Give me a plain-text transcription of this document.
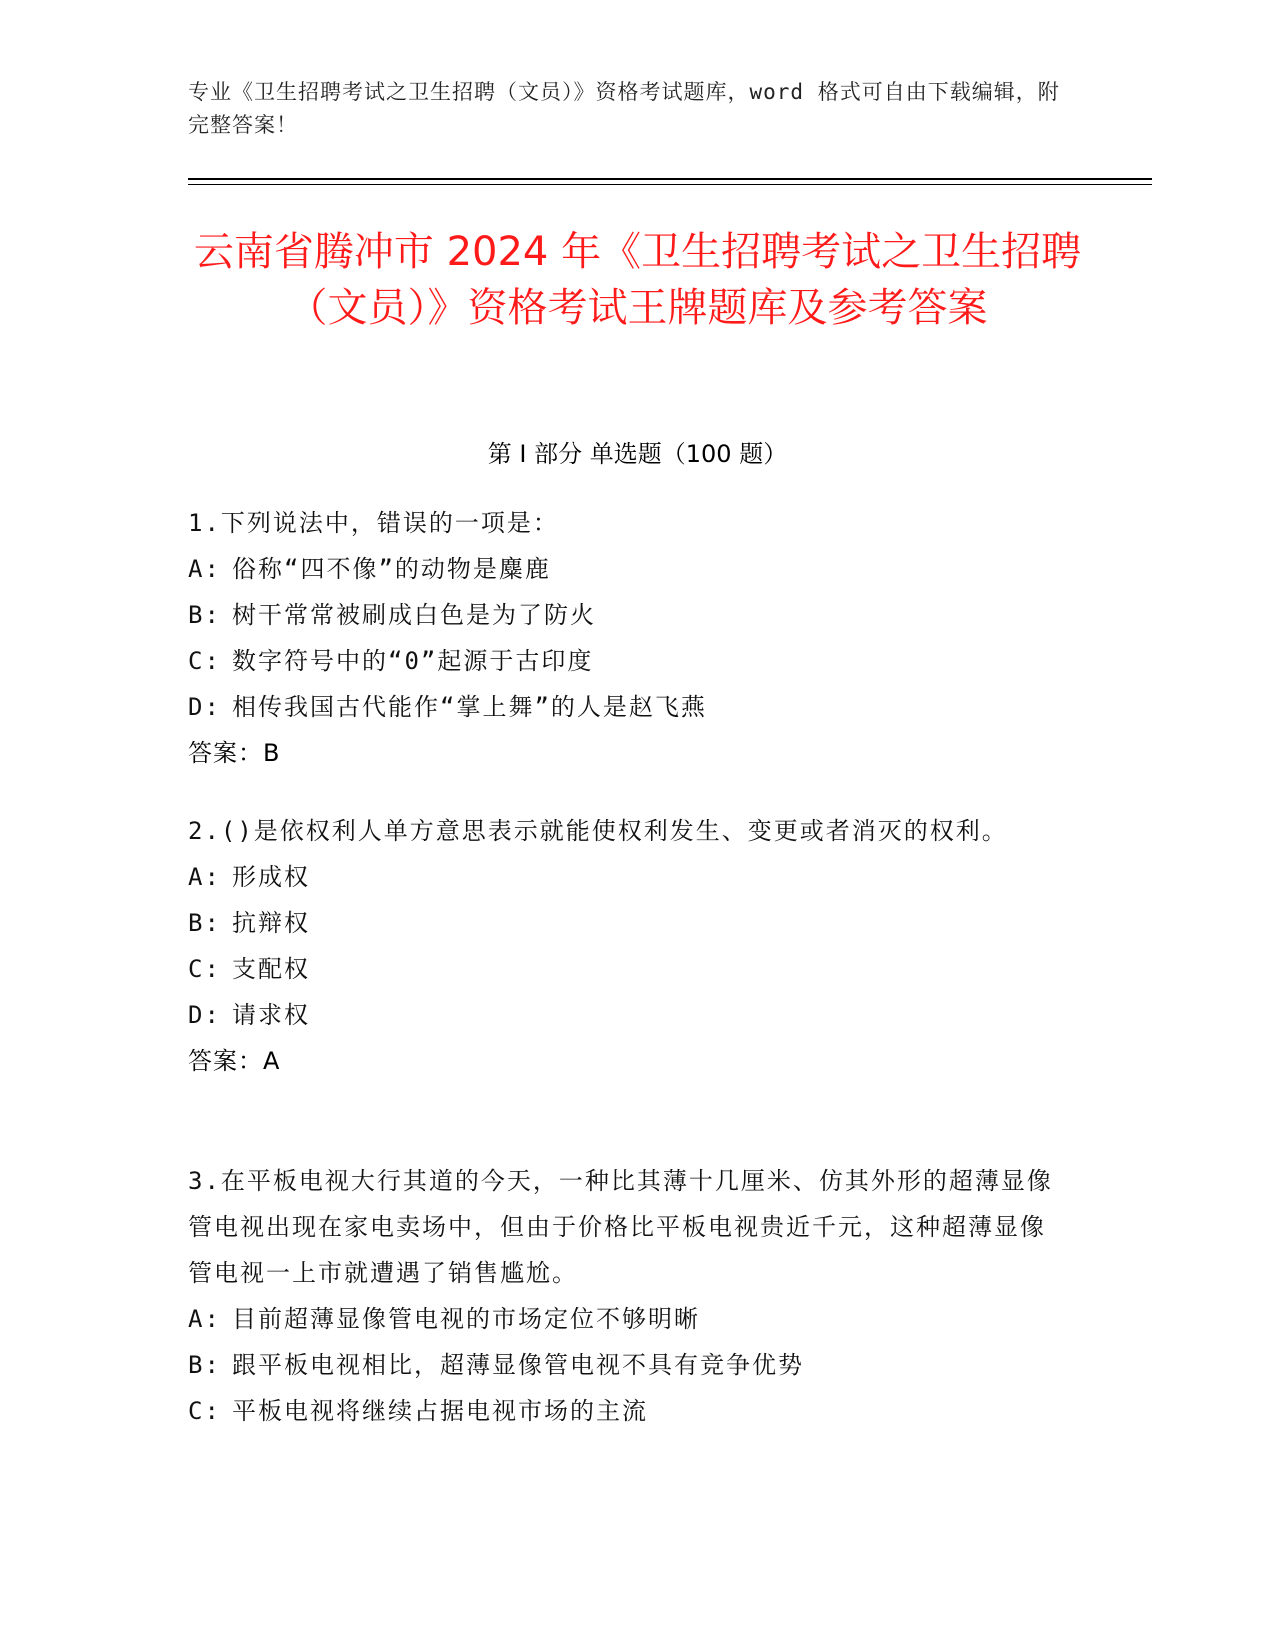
专业《卫生招聘考试之卫生招聘（文员）》资格考试题库，word 格式可自由下载编辑，附完整答案！
云南省腾冲市 2024 年《卫生招聘考试之卫生招聘（文员）》资格考试王牌题库及参考答案
第 I 部分 单选题（100 题）
1.下列说法中，错误的一项是：
A: 俗称“四不像”的动物是麋鹿
B: 树干常常被刷成白色是为了防火
C: 数字符号中的“0”起源于古印度
D: 相传我国古代能作“掌上舞”的人是赵飞燕
答案：B
2.()是依权利人单方意思表示就能使权利发生、变更或者消灭的权利。
A: 形成权
B: 抗辩权
C: 支配权
D: 请求权
答案：A
3.在平板电视大行其道的今天，一种比其薄十几厘米、仿其外形的超薄显像管电视出现在家电卖场中，但由于价格比平板电视贵近千元，这种超薄显像管电视一上市就遭遇了销售尴尬。
A: 目前超薄显像管电视的市场定位不够明晰
B: 跟平板电视相比，超薄显像管电视不具有竞争优势
C: 平板电视将继续占据电视市场的主流
